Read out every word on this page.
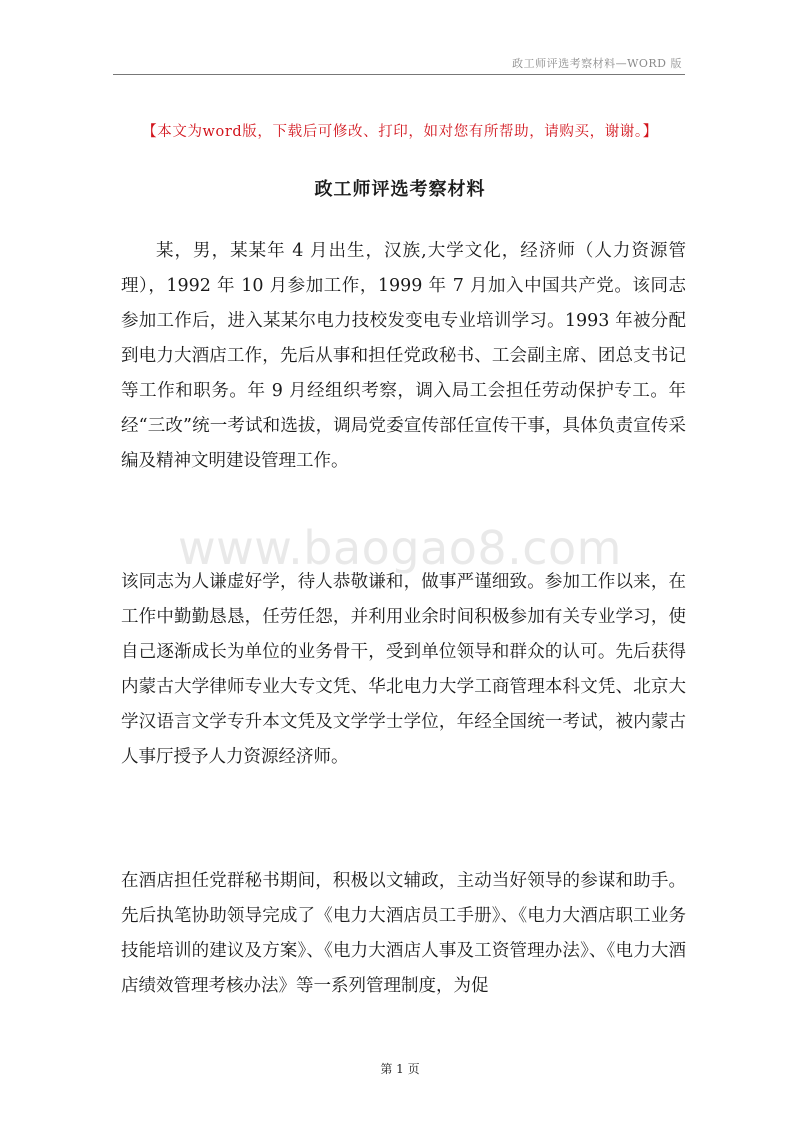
政工师评选考察材料—WORD 版
【本文为word版，下载后可修改、打印，如对您有所帮助，请购买，谢谢。】
政工师评选考察材料

某，男，某某年 4 月出生，汉族,大学文化，经济师（人力资源管理），1992 年 10 月参加工作，1999 年 7 月加入中国共产党。该同志参加工作后，进入某某尔电力技校发变电专业培训学习。1993 年被分配到电力大酒店工作，先后从事和担任党政秘书、工会副主席、团总支书记等工作和职务。年 9 月经组织考察，调入局工会担任劳动保护专工。年经“三改”统一考试和选拔，调局党委宣传部任宣传干事，具体负责宣传采编及精神文明建设管理工作。

www.baogao8.com

该同志为人谦虚好学，待人恭敬谦和，做事严谨细致。参加工作以来，在工作中勤勤恳恳，任劳任怨，并利用业余时间积极参加有关专业学习，使自己逐渐成长为单位的业务骨干，受到单位领导和群众的认可。先后获得内蒙古大学律师专业大专文凭、华北电力大学工商管理本科文凭、北京大学汉语言文学专升本文凭及文学学士学位，年经全国统一考试，被内蒙古人事厅授予人力资源经济师。

在酒店担任党群秘书期间，积极以文辅政，主动当好领导的参谋和助手。先后执笔协助领导完成了《电力大酒店员工手册》、《电力大酒店职工业务技能培训的建议及方案》、《电力大酒店人事及工资管理办法》、《电力大酒店绩效管理考核办法》等一系列管理制度，为促

第 1 页
